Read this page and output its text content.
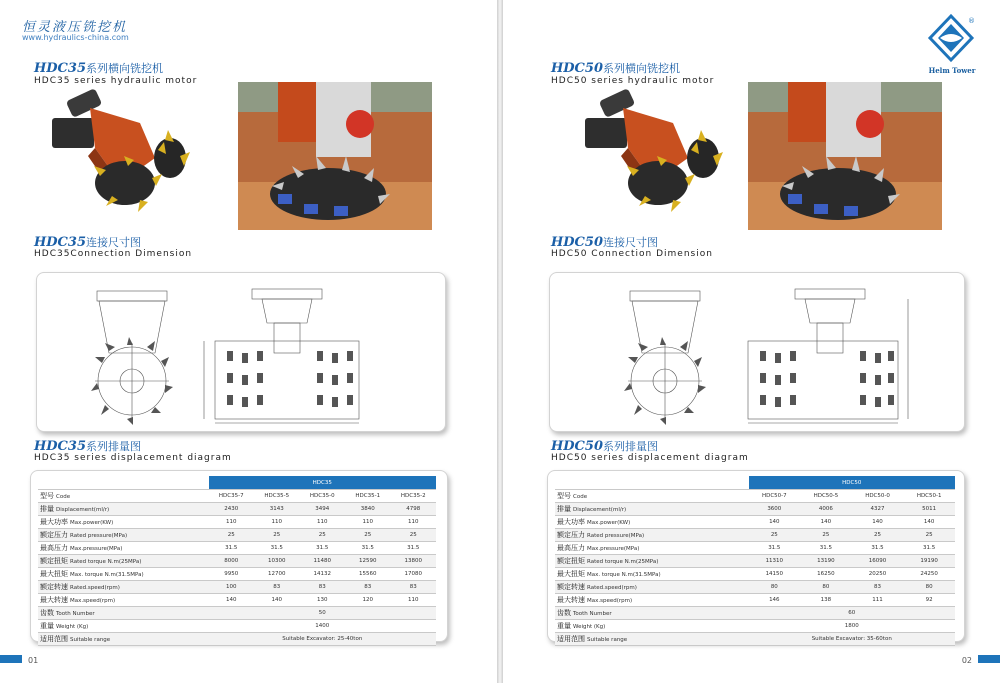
恒灵液压铣挖机
www.hydraulics-china.com
HDC35系列横向铣挖机
HDC35 series hydraulic motor
HDC35连接尺寸图
HDC35Connection Dimension
HDC35系列排量图
HDC35 series displacement diagram
	HDC35				
型号 Code	HDC35-7	HDC35-5	HDC35-0	HDC35-1	HDC35-2
排量 Displacement(ml/r)	2430	3143	3494	3840	4798
最大功率 Max.power(KW)	110	110	110	110	110
额定压力 Rated pressure(MPa)	25	25	25	25	25
最高压力 Max.pressure(MPa)	31.5	31.5	31.5	31.5	31.5
额定扭矩 Rated torque N.m(25MPa)	8000	10300	11480	12590	13800
最大扭矩 Max. torque N.m(31.5MPa)	9950	12700	14132	15560	17080
额定转速 Rated.speed(rpm)	100	83	83	83	83
最大转速 Max.speed(rpm)	140	140	130	120	110
齿数 Tooth Number	50				
重量 Weight (Kg)	1400				
适用范围 Suitable range	Suitable Excavator: 25-40ton				
01
®
Helm Tower
HDC50系列横向铣挖机
HDC50 series hydraulic motor
HDC50连接尺寸图
HDC50 Connection Dimension
HDC50系列排量图
HDC50 series displacement diagram
	HDC50			
型号 Code	HDC50-7	HDC50-5	HDC50-0	HDC50-1
排量 Displacement(ml/r)	3600	4006	4327	5011
最大功率 Max.power(KW)	140	140	140	140
额定压力 Rated pressure(MPa)	25	25	25	25
最高压力 Max.pressure(MPa)	31.5	31.5	31.5	31.5
额定扭矩 Rated torque N.m(25MPa)	11310	13190	16090	19190
最大扭矩 Max. torque N.m(31.5MPa)	14150	16250	20250	24250
额定转速 Rated.speed(rpm)	80	80	83	80
最大转速 Max.speed(rpm)	146	138	111	92
齿数 Tooth Number	60			
重量 Weight (Kg)	1800			
适用范围 Suitable range	Suitable Excavator: 35-60ton			
02
